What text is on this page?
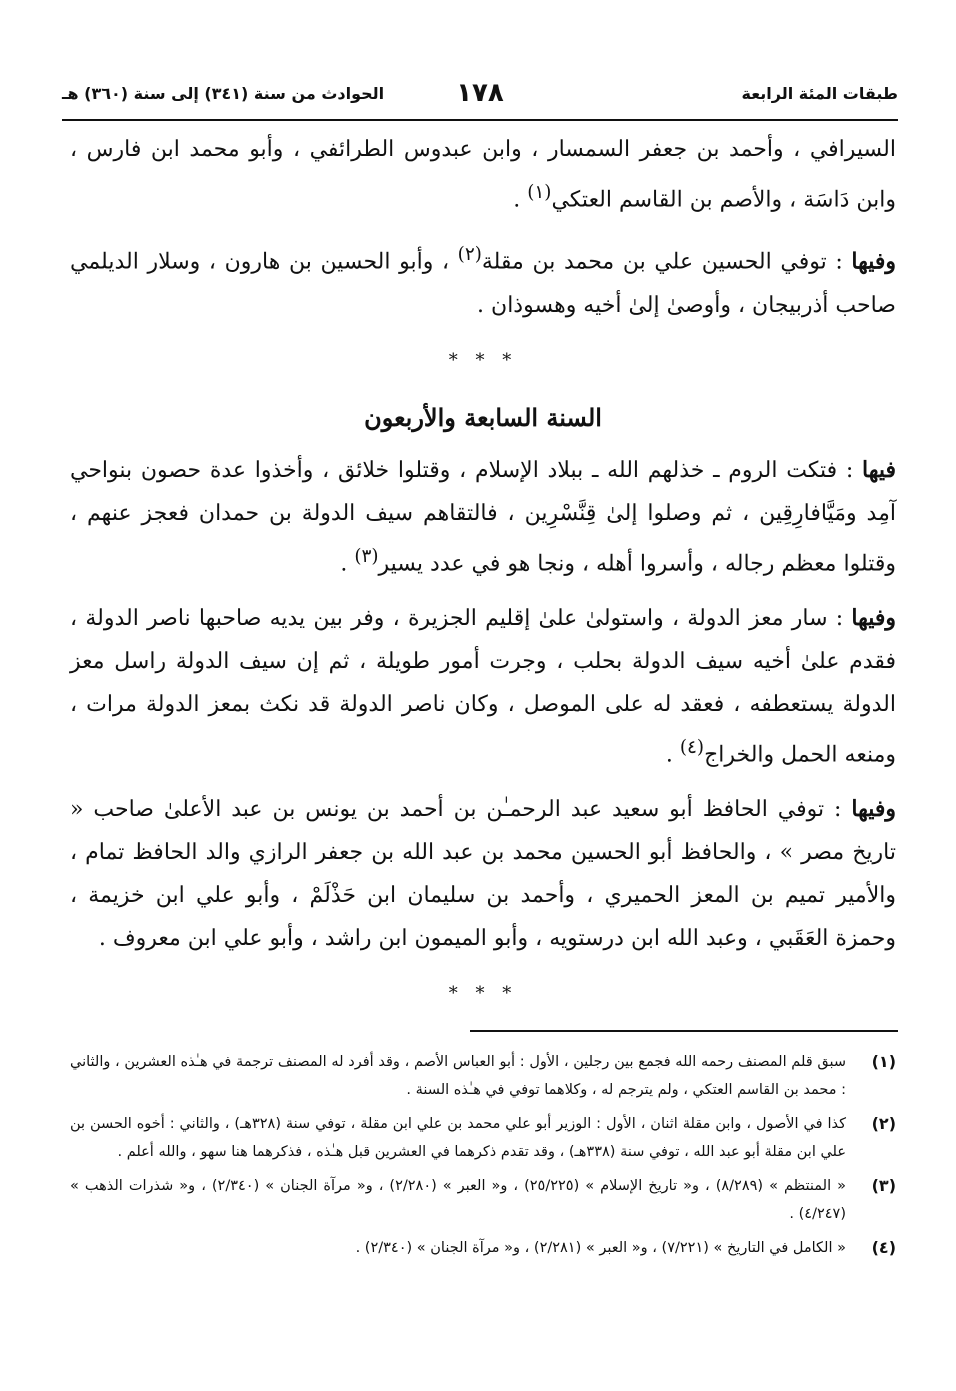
طبقات المئة الرابعة
١٧٨
الحوادث من سنة (٣٤١) إلى سنة (٣٦٠) هـ

السيرافي ، وأحمد بن جعفر السمسار ، وابن عبدوس الطرائفي ، وأبو محمد ابن فارس ، وابن دَاسَة ، والأصم بن القاسم العتكي$^{(١)}$ .

وفيها : توفي الحسين علي بن محمد بن مقلة$^{(٢)}$ ، وأبو الحسين بن هارون ، وسلار الديلمي صاحب أذربيجان ، وأوصىٰ إلىٰ أخيه وهسوذان .

* * *
السنة السابعة والأربعون

فيها : فتكت الروم ـ خذلهم الله ـ ببلاد الإسلام ، وقتلوا خلائق ، وأخذوا عدة حصون بنواحي آمِد ومَيَّافارِقِين ، ثم وصلوا إلىٰ قِنَّسْرِين ، فالتقاهم سيف الدولة بن حمدان فعجز عنهم ، وقتلوا معظم رجاله ، وأسروا أهله ، ونجا هو في عدد يسير$^{(٣)}$ .

وفيها : سار معز الدولة ، واستولىٰ علىٰ إقليم الجزيرة ، وفر بين يديه صاحبها ناصر الدولة ، فقدم علىٰ أخيه سيف الدولة بحلب ، وجرت أمور طويلة ، ثم إن سيف الدولة راسل معز الدولة يستعطفه ، فعقد له على الموصل ، وكان ناصر الدولة قد نكث بمعز الدولة مرات ، ومنعه الحمل والخراج$^{(٤)}$ .

وفيها : توفي الحافظ أبو سعيد عبد الرحمـٰن بن أحمد بن يونس بن عبد الأعلىٰ صاحب « تاريخ مصر » ، والحافظ أبو الحسين محمد بن عبد الله بن جعفر الرازي والد الحافظ تمام ، والأمير تميم بن المعز الحميري ، وأحمد بن سليمان ابن حَذْلَمْ ، وأبو علي ابن خزيمة ، وحمزة العَقَبي ، وعبد الله ابن درستويه ، وأبو الميمون ابن راشد ، وأبو علي ابن معروف .

* * *
(١)
سبق قلم المصنف رحمه الله فجمع بين رجلين ، الأول : أبو العباس الأصم ، وقد أفرد له المصنف ترجمة في هـٰذه العشرين ، والثاني : محمد بن القاسم العتكي ، ولم يترجم له ، وكلاهما توفي في هـٰذه السنة .
(٢)
كذا في الأصول ، وابن مقلة اثنان ، الأول : الوزير أبو علي محمد بن علي ابن مقلة ، توفي سنة (٣٢٨هـ) ، والثاني : أخوه الحسن بن علي ابن مقلة أبو عبد الله ، توفي سنة (٣٣٨هـ) ، وقد تقدم ذكرهما في العشرين قبل هـٰذه ، فذكرهما هنا سهو ، والله أعلم .
(٣)
« المنتظم » (٨/٢٨٩) ، و« تاريخ الإسلام » (٢٥/٢٢٥) ، و« العبر » (٢/٢٨٠) ، و« مرآة الجنان » (٢/٣٤٠) ، و« شذرات الذهب » (٤/٢٤٧) .
(٤)
« الكامل في التاريخ » (٧/٢٢١) ، و« العبر » (٢/٢٨١) ، و« مرآة الجنان » (٢/٣٤٠) .
